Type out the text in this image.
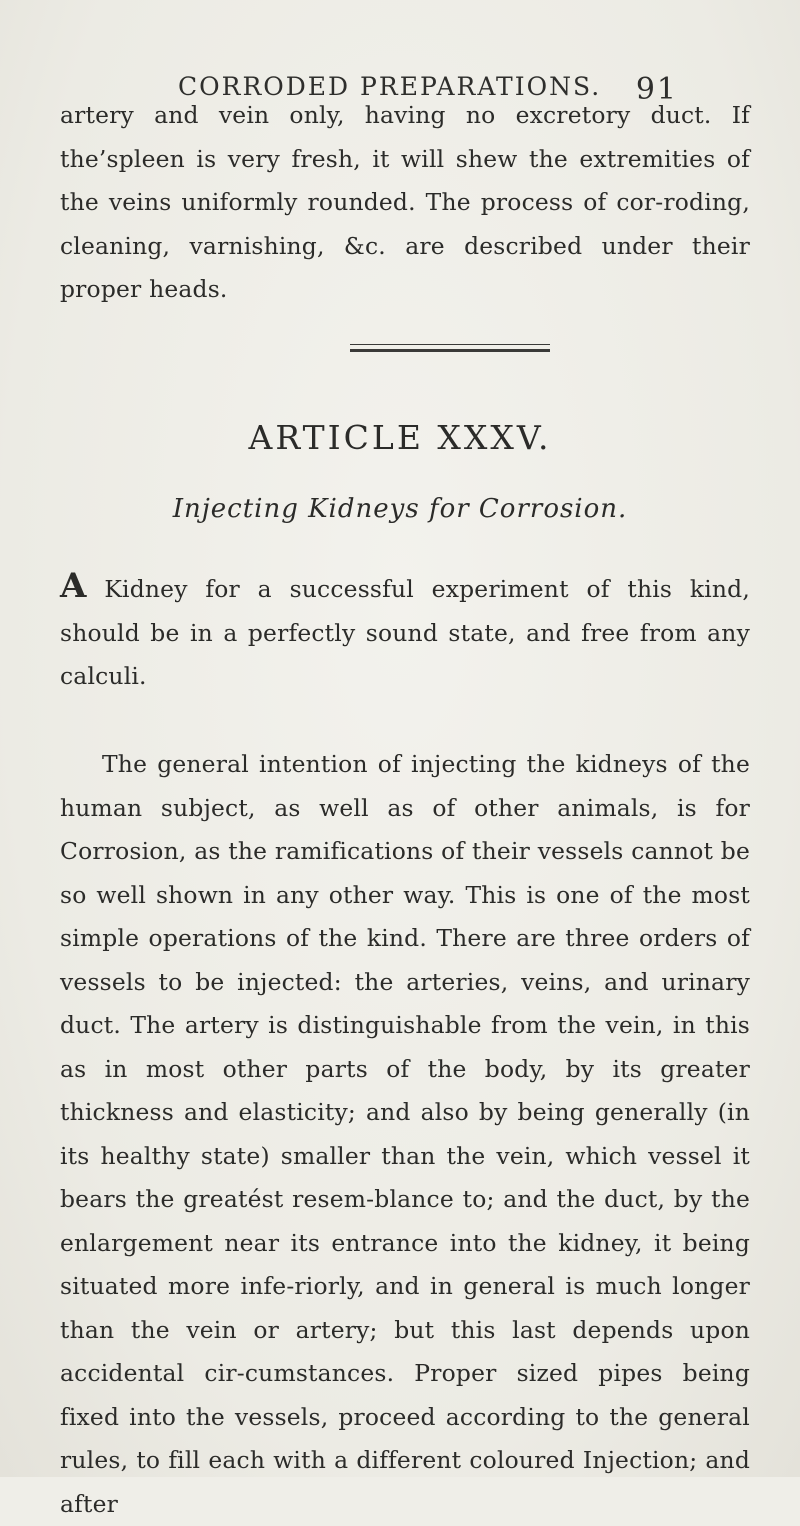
CORRODED PREPARATIONS. 91
artery and vein only, having no excretory duct. If the’spleen is very fresh, it will shew the extremities of the veins uniformly rounded. The process of cor-roding, cleaning, varnishing, &c. are described under their proper heads.
ARTICLE XXXV.
Injecting Kidneys for Corrosion.
A Kidney for a successful experiment of this kind, should be in a perfectly sound state, and free from any calculi.
The general intention of injecting the kidneys of the human subject, as well as of other animals, is for Corrosion, as the ramifications of their vessels cannot be so well shown in any other way. This is one of the most simple operations of the kind. There are three orders of vessels to be injected: the arteries, veins, and urinary duct. The artery is distinguishable from the vein, in this as in most other parts of the body, by its greater thickness and elasticity; and also by being generally (in its healthy state) smaller than the vein, which vessel it bears the greatést resem-blance to; and the duct, by the enlargement near its entrance into the kidney, it being situated more infe-riorly, and in general is much longer than the vein or artery; but this last depends upon accidental cir-cumstances. Proper sized pipes being fixed into the vessels, proceed according to the general rules, to fill each with a different coloured Injection; and after
